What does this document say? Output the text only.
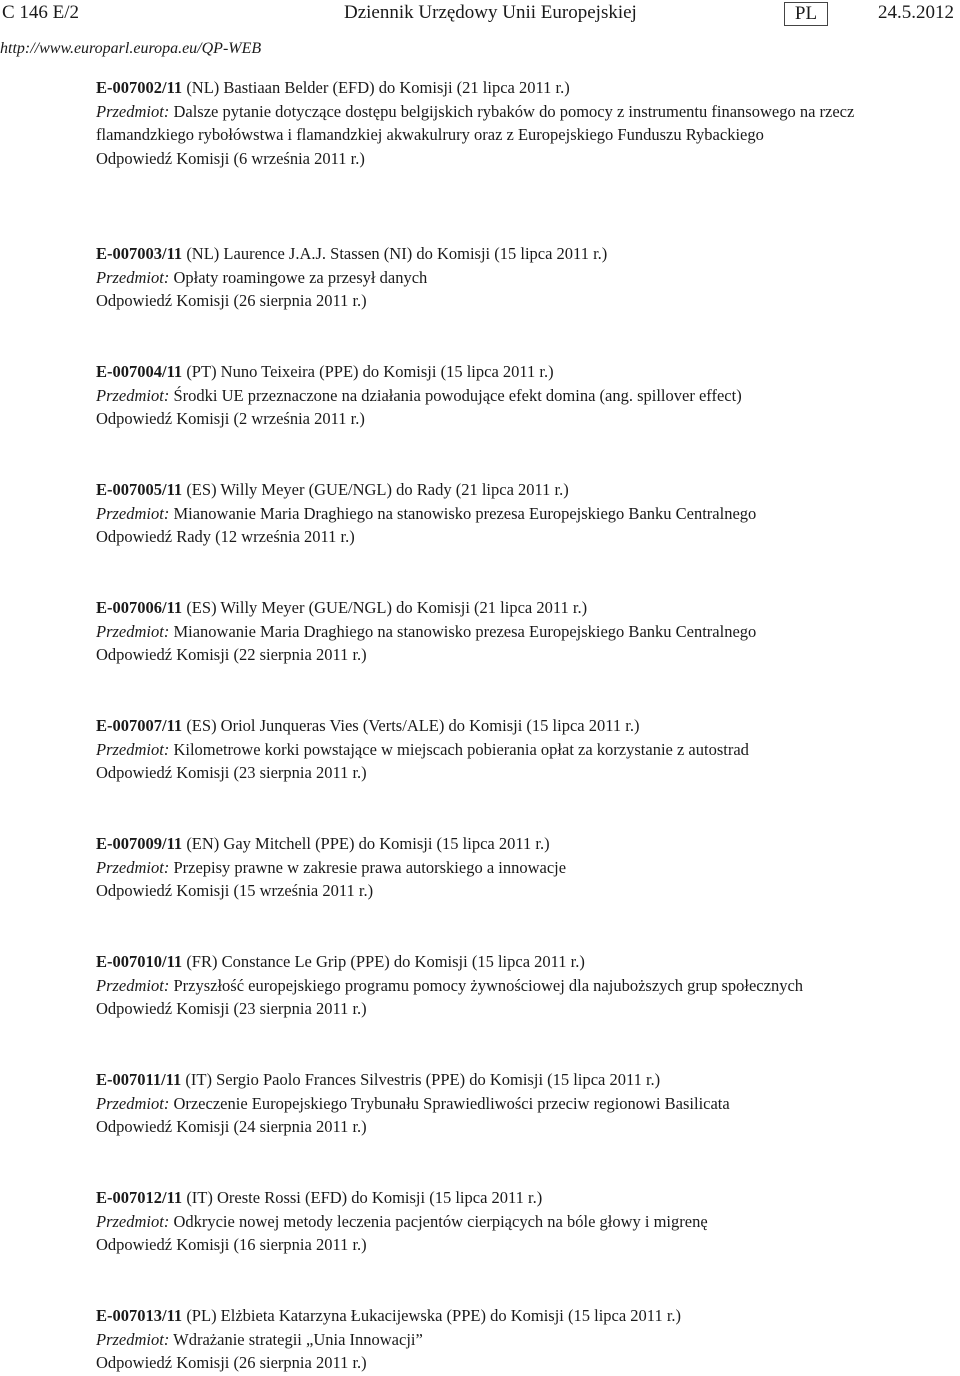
C 146 E/2	Dziennik Urzędowy Unii Europejskiej	PL	24.5.2012
http://www.europarl.europa.eu/QP-WEB
E-007002/11 (NL) Bastiaan Belder (EFD) do Komisji (21 lipca 2011 r.)
Przedmiot: Dalsze pytanie dotyczące dostępu belgijskich rybaków do pomocy z instrumentu finansowego na rzecz flamandzkiego rybołówstwa i flamandzkiej akwakulrury oraz z Europejskiego Funduszu Rybackiego
Odpowiedź Komisji (6 września 2011 r.)
E-007003/11 (NL) Laurence J.A.J. Stassen (NI) do Komisji (15 lipca 2011 r.)
Przedmiot: Opłaty roamingowe za przesył danych
Odpowiedź Komisji (26 sierpnia 2011 r.)
E-007004/11 (PT) Nuno Teixeira (PPE) do Komisji (15 lipca 2011 r.)
Przedmiot: Środki UE przeznaczone na działania powodujące efekt domina (ang. spillover effect)
Odpowiedź Komisji (2 września 2011 r.)
E-007005/11 (ES) Willy Meyer (GUE/NGL) do Rady (21 lipca 2011 r.)
Przedmiot: Mianowanie Maria Draghiego na stanowisko prezesa Europejskiego Banku Centralnego
Odpowiedź Rady (12 września 2011 r.)
E-007006/11 (ES) Willy Meyer (GUE/NGL) do Komisji (21 lipca 2011 r.)
Przedmiot: Mianowanie Maria Draghiego na stanowisko prezesa Europejskiego Banku Centralnego
Odpowiedź Komisji (22 sierpnia 2011 r.)
E-007007/11 (ES) Oriol Junqueras Vies (Verts/ALE) do Komisji (15 lipca 2011 r.)
Przedmiot: Kilometrowe korki powstające w miejscach pobierania opłat za korzystanie z autostrad
Odpowiedź Komisji (23 sierpnia 2011 r.)
E-007009/11 (EN) Gay Mitchell (PPE) do Komisji (15 lipca 2011 r.)
Przedmiot: Przepisy prawne w zakresie prawa autorskiego a innowacje
Odpowiedź Komisji (15 września 2011 r.)
E-007010/11 (FR) Constance Le Grip (PPE) do Komisji (15 lipca 2011 r.)
Przedmiot: Przyszłość europejskiego programu pomocy żywnościowej dla najuboższych grup społecznych
Odpowiedź Komisji (23 sierpnia 2011 r.)
E-007011/11 (IT) Sergio Paolo Frances Silvestris (PPE) do Komisji (15 lipca 2011 r.)
Przedmiot: Orzeczenie Europejskiego Trybunału Sprawiedliwości przeciw regionowi Basilicata
Odpowiedź Komisji (24 sierpnia 2011 r.)
E-007012/11 (IT) Oreste Rossi (EFD) do Komisji (15 lipca 2011 r.)
Przedmiot: Odkrycie nowej metody leczenia pacjentów cierpiących na bóle głowy i migrenę
Odpowiedź Komisji (16 sierpnia 2011 r.)
E-007013/11 (PL) Elżbieta Katarzyna Łukacijewska (PPE) do Komisji (15 lipca 2011 r.)
Przedmiot: Wdrażanie strategii „Unia Innowacji”
Odpowiedź Komisji (26 sierpnia 2011 r.)
